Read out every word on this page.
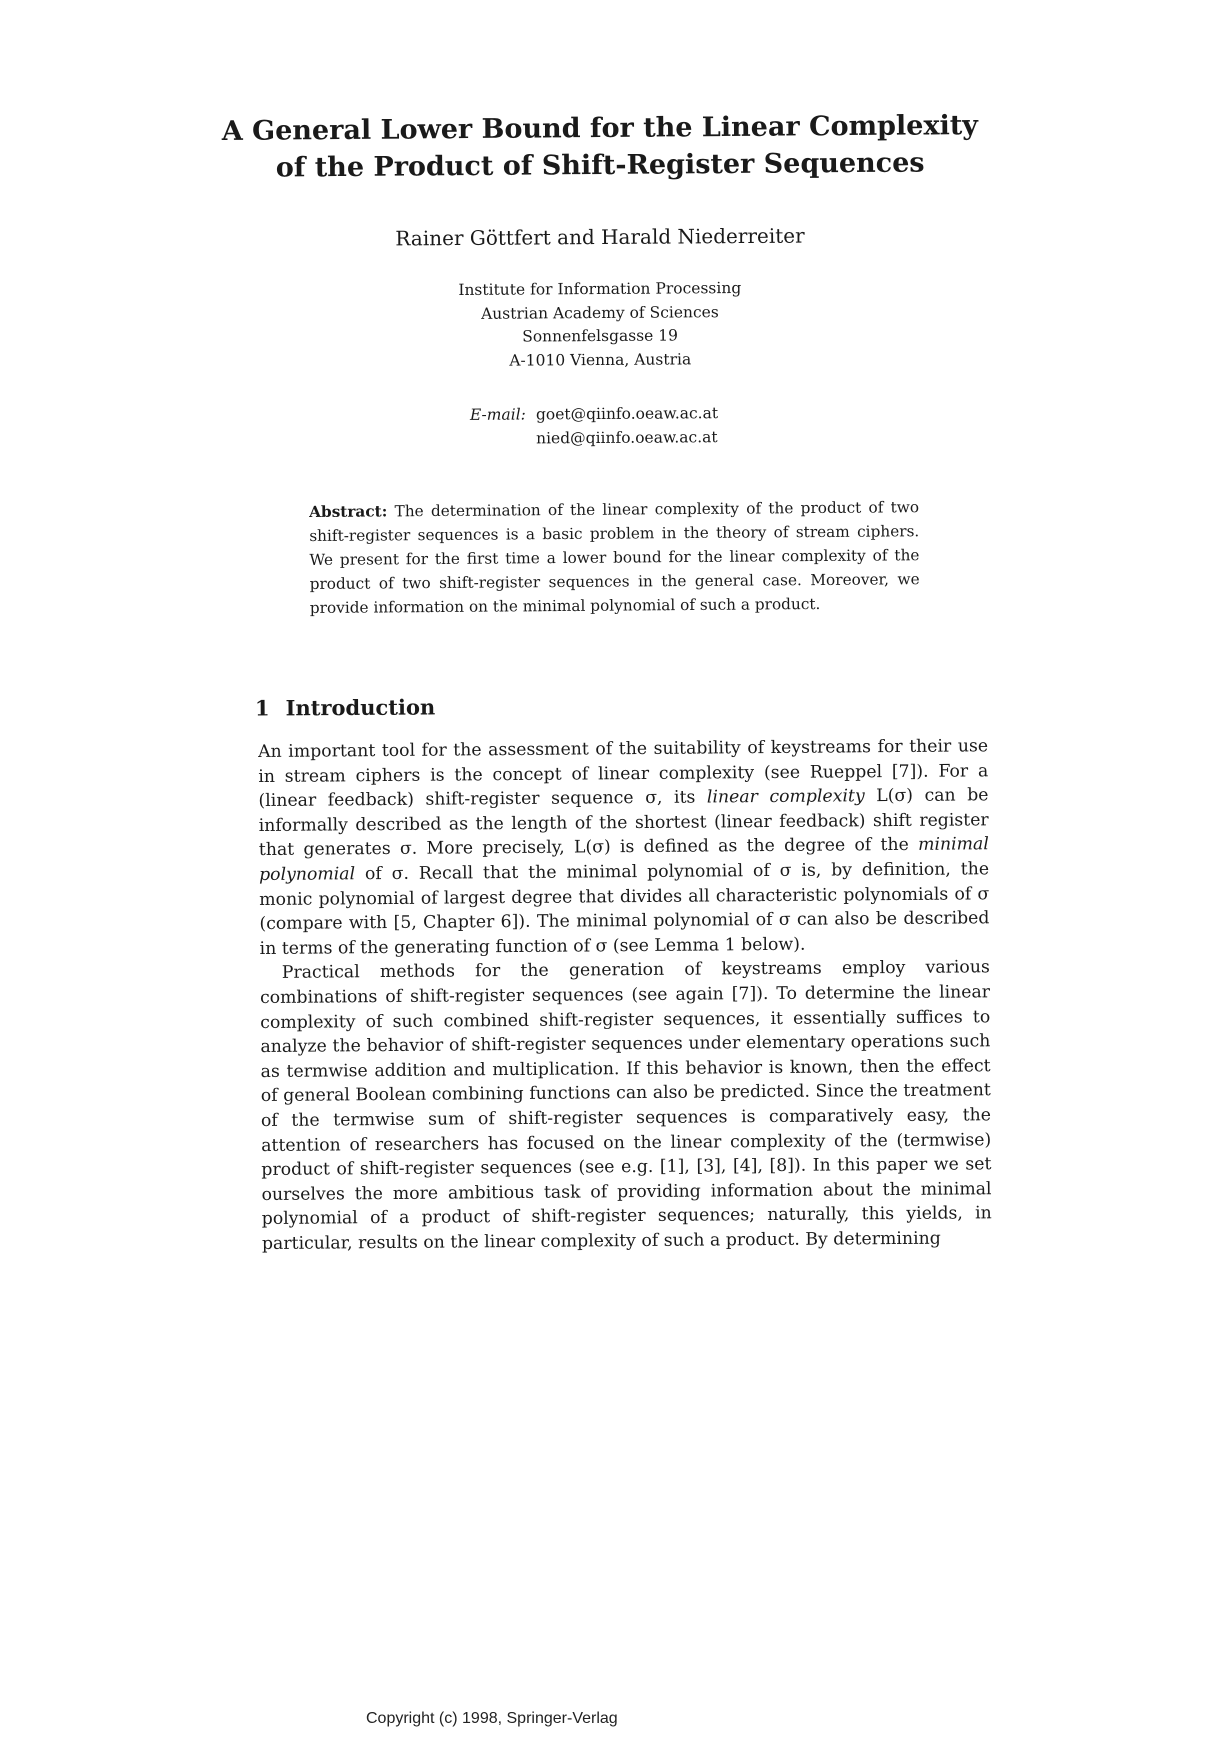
A General Lower Bound for the Linear Complexity
of the Product of Shift-Register Sequences
Rainer Göttfert and Harald Niederreiter
Institute for Information Processing
Austrian Academy of Sciences
Sonnenfelsgasse 19
A-1010 Vienna, Austria
E-mail: goet@qiinfo.oeaw.ac.at
nied@qiinfo.oeaw.ac.at
Abstract: The determination of the linear complexity of the product of two shift-register sequences is a basic problem in the theory of stream ciphers. We present for the first time a lower bound for the linear complexity of the product of two shift-register sequences in the general case. Moreover, we provide information on the minimal polynomial of such a product.
1 Introduction

An important tool for the assessment of the suitability of keystreams for their use in stream ciphers is the concept of linear complexity (see Rueppel [7]). For a (linear feedback) shift-register sequence σ, its linear complexity L(σ) can be informally described as the length of the shortest (linear feedback) shift register that generates σ. More precisely, L(σ) is defined as the degree of the minimal polynomial of σ. Recall that the minimal polynomial of σ is, by definition, the monic polynomial of largest degree that divides all characteristic polynomials of σ (compare with [5, Chapter 6]). The minimal polynomial of σ can also be described in terms of the generating function of σ (see Lemma 1 below).

Practical methods for the generation of keystreams employ various combinations of shift-register sequences (see again [7]). To determine the linear complexity of such combined shift-register sequences, it essentially suffices to analyze the behavior of shift-register sequences under elementary operations such as termwise addition and multiplication. If this behavior is known, then the effect of general Boolean combining functions can also be predicted. Since the treatment of the termwise sum of shift-register sequences is comparatively easy, the attention of researchers has focused on the linear complexity of the (termwise) product of shift-register sequences (see e.g. [1], [3], [4], [8]). In this paper we set ourselves the more ambitious task of providing information about the minimal polynomial of a product of shift-register sequences; naturally, this yields, in particular, results on the linear complexity of such a product. By determining

Copyright (c) 1998, Springer-Verlag
